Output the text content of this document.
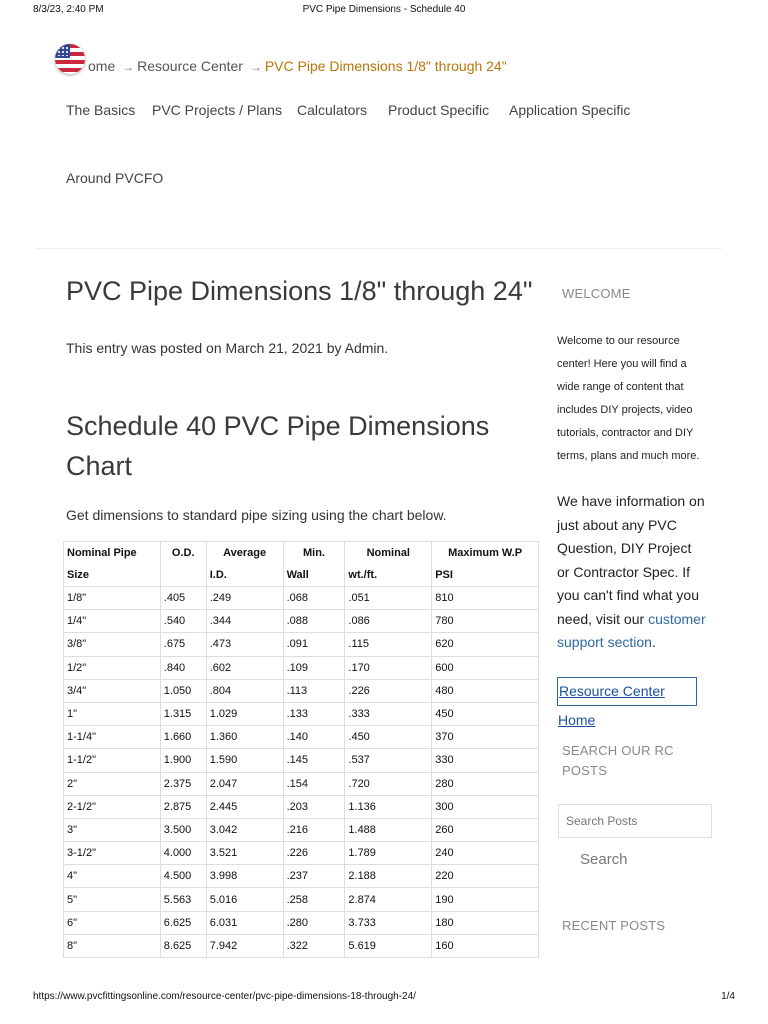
8/3/23, 2:40 PM	PVC Pipe Dimensions - Schedule 40
ome → Resource Center → PVC Pipe Dimensions 1/8" through 24"
The Basics PVC Projects / Plans Calculators Product Specific Application Specific
Around PVCFO
PVC Pipe Dimensions 1/8" through 24"
This entry was posted on March 21, 2021 by Admin.
Schedule 40 PVC Pipe Dimensions Chart
Get dimensions to standard pipe sizing using the chart below.
Nominal Pipe	O.D.	Average	Min.	Nominal	Maximum W.P
Size		I.D.	Wall	wt./ft.	PSI
1/8"	.405	.249	.068	.051	810
1/4"	.540	.344	.088	.086	780
3/8"	.675	.473	.091	.115	620
1/2"	.840	.602	.109	.170	600
3/4"	1.050	.804	.113	.226	480
1"	1.315	1.029	.133	.333	450
1-1/4"	1.660	1.360	.140	.450	370
1-1/2"	1.900	1.590	.145	.537	330
2"	2.375	2.047	.154	.720	280
2-1/2"	2.875	2.445	.203	1.136	300
3"	3.500	3.042	.216	1.488	260
3-1/2"	4.000	3.521	.226	1.789	240
4"	4.500	3.998	.237	2.188	220
5"	5.563	5.016	.258	2.874	190
6"	6.625	6.031	.280	3.733	180
8"	8.625	7.942	.322	5.619	160
WELCOME
Welcome to our resource center! Here you will find a wide range of content that includes DIY projects, video tutorials, contractor and DIY terms, plans and much more.
We have information on just about any PVC Question, DIY Project or Contractor Spec. If you can't find what you need, visit our customer support section.
Resource Center
Home
SEARCH OUR RC POSTS
Search Posts
Search
RECENT POSTS
https://www.pvcfittingsonline.com/resource-center/pvc-pipe-dimensions-18-through-24/	1/4
